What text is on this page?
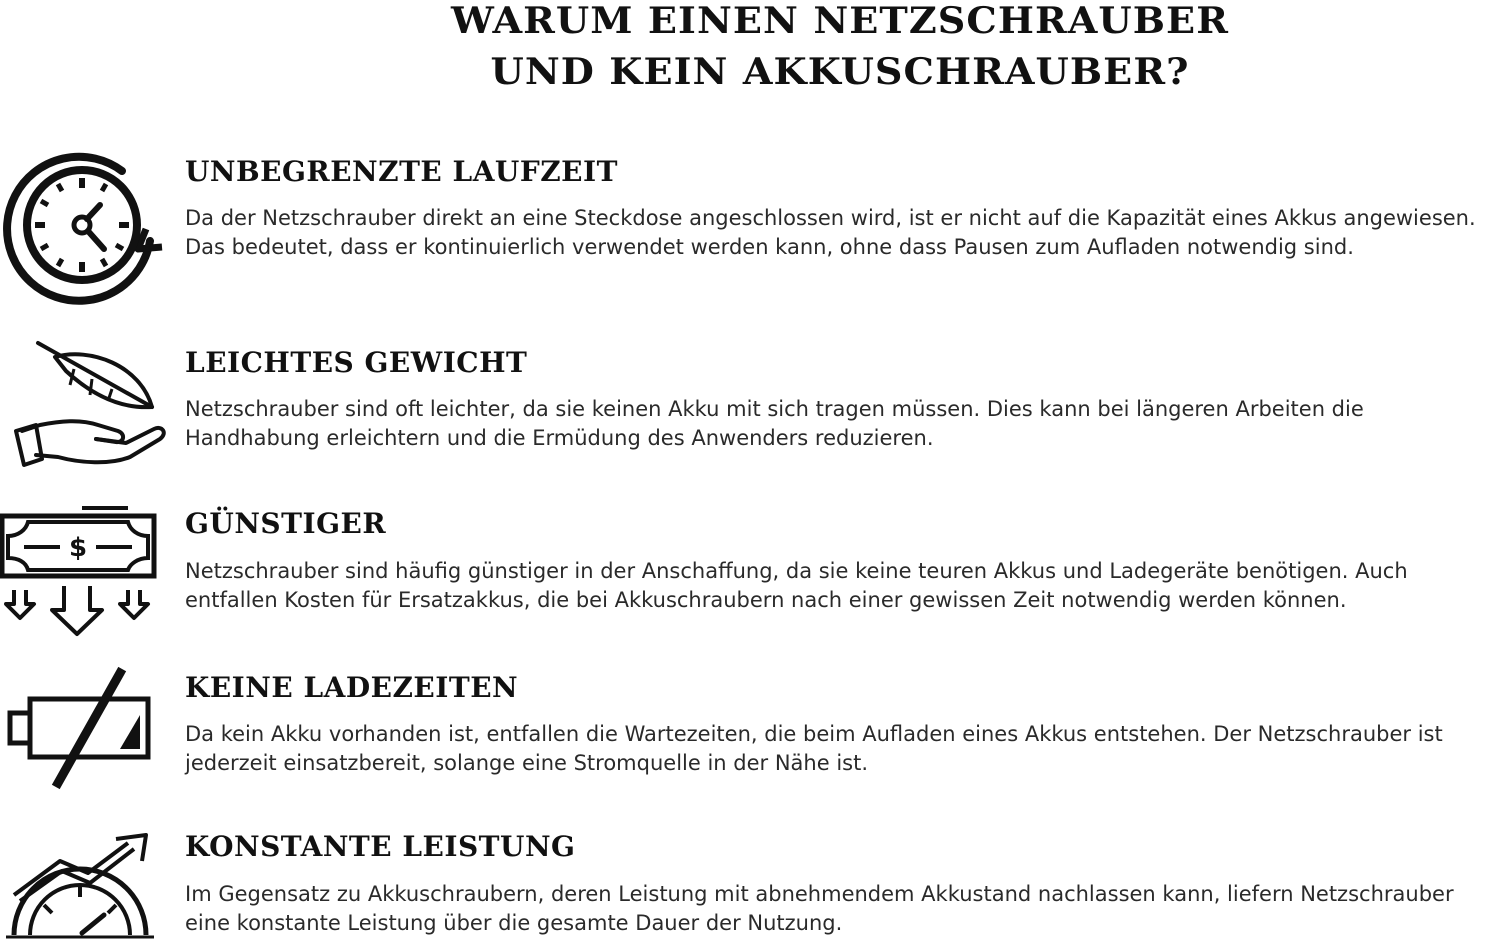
WARUM EINEN NETZSCHRAUBER
UND KEIN AKKUSCHRAUBER?
UNBEGRENZTE LAUFZEIT

Da der Netzschrauber direkt an eine Steckdose angeschlossen wird, ist er nicht auf die Kapazität eines Akkus angewiesen. Das bedeutet, dass er kontinuierlich verwendet werden kann, ohne dass Pausen zum Aufladen notwendig sind.

LEICHTES GEWICHT

Netzschrauber sind oft leichter, da sie keinen Akku mit sich tragen müssen. Dies kann bei längeren Arbeiten die Handhabung erleichtern und die Ermüdung des Anwenders reduzieren.

$
GÜNSTIGER

Netzschrauber sind häufig günstiger in der Anschaffung, da sie keine teuren Akkus und Ladegeräte benötigen. Auch entfallen Kosten für Ersatzakkus, die bei Akkuschraubern nach einer gewissen Zeit notwendig werden können.

KEINE LADEZEITEN

Da kein Akku vorhanden ist, entfallen die Wartezeiten, die beim Aufladen eines Akkus entstehen. Der Netzschrauber ist jederzeit einsatzbereit, solange eine Stromquelle in der Nähe ist.

KONSTANTE LEISTUNG

Im Gegensatz zu Akkuschraubern, deren Leistung mit abnehmendem Akkustand nachlassen kann, liefern Netzschrauber eine konstante Leistung über die gesamte Dauer der Nutzung.
